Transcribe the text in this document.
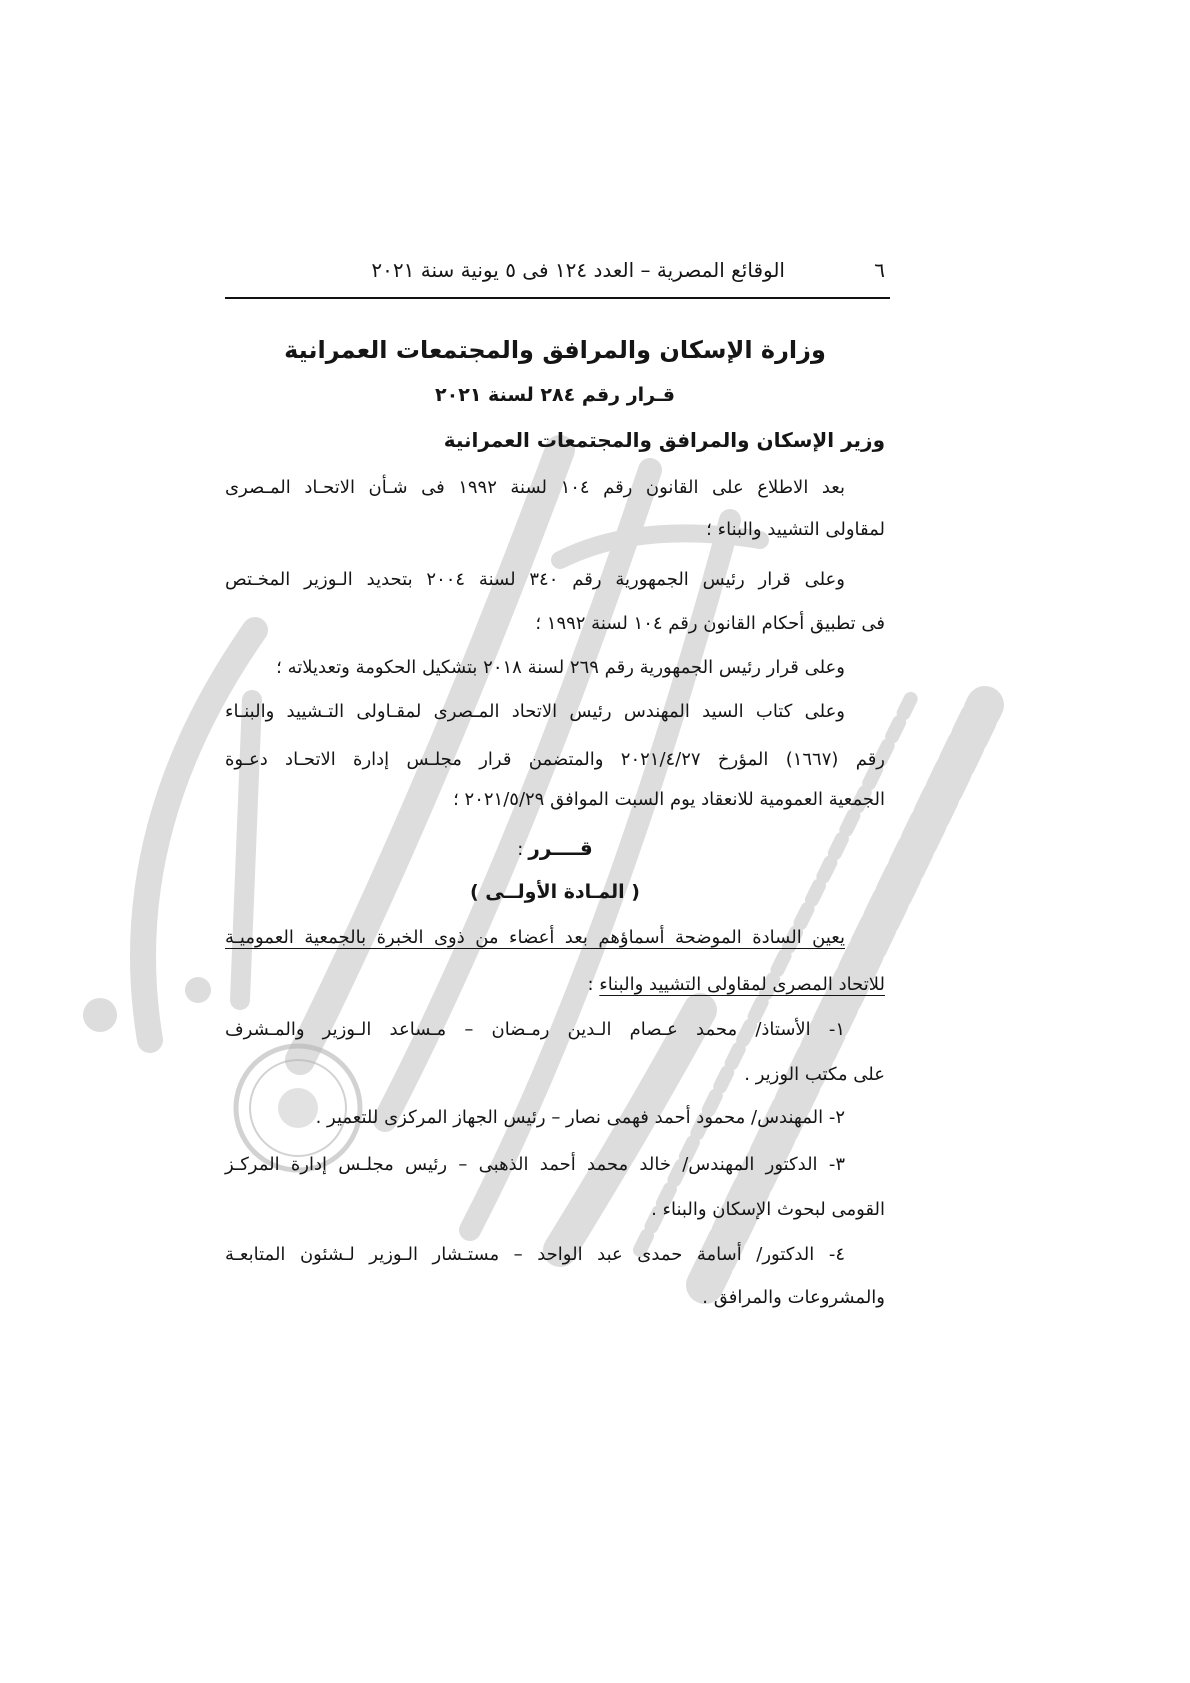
٦
الوقائع المصرية – العدد ١٢٤ فى ٥ يونية سنة ٢٠٢١
وزارة الإسكان والمرافق والمجتمعات العمرانية
قـرار رقم ٢٨٤ لسنة ٢٠٢١
وزير الإسكان والمرافق والمجتمعات العمرانية
بعد الاطلاع على القانون رقم ١٠٤ لسنة ١٩٩٢ فى شـأن الاتحـاد المـصرى
لمقاولى التشييد والبناء ؛
وعلى قرار رئيس الجمهورية رقم ٣٤٠ لسنة ٢٠٠٤ بتحديد الـوزير المخـتص
فى تطبيق أحكام القانون رقم ١٠٤ لسنة ١٩٩٢ ؛
وعلى قرار رئيس الجمهورية رقم ٢٦٩ لسنة ٢٠١٨ بتشكيل الحكومة وتعديلاته ؛
وعلى كتاب السيد المهندس رئيس الاتحاد المـصرى لمقـاولى التـشييد والبنـاء
رقم (١٦٦٧) المؤرخ ٢٠٢١/٤/٢٧ والمتضمن قرار مجلـس إدارة الاتحـاد دعـوة
الجمعية العمومية للانعقاد يوم السبت الموافق ٢٠٢١/٥/٢٩ ؛
قــــرر :
( المـادة الأولــى )
يعين السادة الموضحة أسماؤهم بعد أعضاء من ذوى الخبرة بالجمعية العموميـة
للاتحاد المصرى لمقاولى التشييد والبناء :
١- الأستاذ/ محمد عـصام الـدين رمـضان – مـساعد الـوزير والمـشرف
على مكتب الوزير .
٢- المهندس/ محمود أحمد فهمى نصار – رئيس الجهاز المركزى للتعمير .
٣- الدكتور المهندس/ خالد محمد أحمد الذهبى – رئيس مجلـس إدارة المركـز
القومى لبحوث الإسكان والبناء .
٤- الدكتور/ أسامة حمدى عبد الواحد – مستـشار الـوزير لـشئون المتابعـة
والمشروعات والمرافق .
